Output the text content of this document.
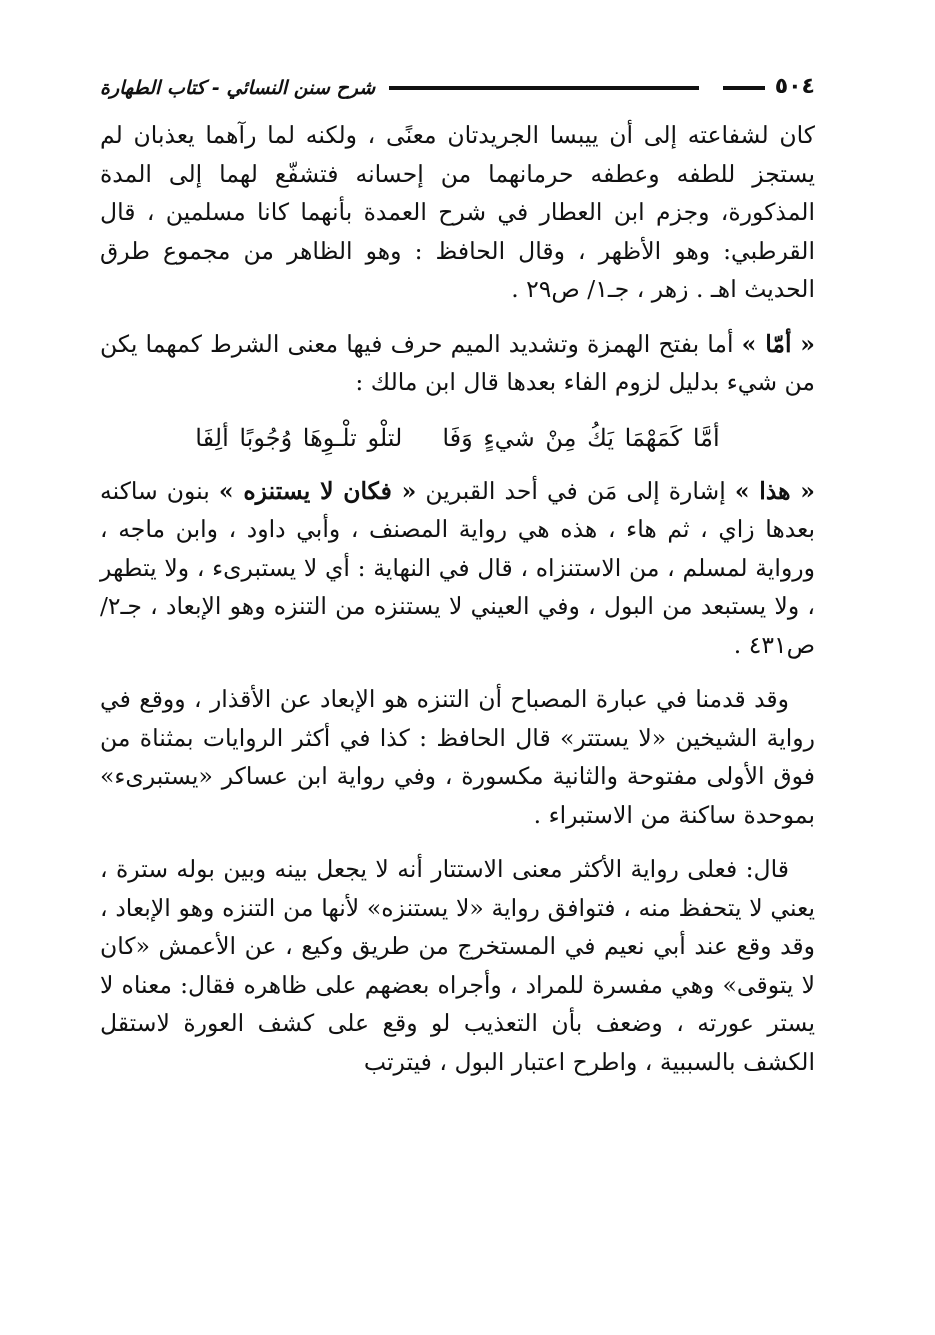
٥٠٤
شرح سنن النسائي - كتاب الطهارة

كان لشفاعته إلى أن ييبسا الجريدتان معنًى ، ولكنه لما رآهما يعذبان لم يستجز للطفه وعطفه حرمانهما من إحسانه فتشفّع لهما إلى المدة المذكورة، وجزم ابن العطار في شرح العمدة بأنهما كانا مسلمين ، قال القرطبي: وهو الأظهر ، وقال الحافظ : وهو الظاهر من مجموع طرق الحديث اهـ . زهر ، جـ١/ ص٢٩ .

« أمّا » أما بفتح الهمزة وتشديد الميم حرف فيها معنى الشرط كمهما يكن من شيء بدليل لزوم الفاء بعدها قال ابن مالك :

أمَّا كَمَهْمَا يَكُ مِنْ شيءٍ وَفَالتلْو تلْـوِهَا وُجُوبًا ألِفَا

« هذا » إشارة إلى مَن في أحد القبرين « فكان لا يستنزه » بنون ساكنه بعدها زاي ، ثم هاء ، هذه هي رواية المصنف ، وأبي داود ، وابن ماجه ، ورواية لمسلم ، من الاستنزاه ، قال في النهاية : أي لا يستبرىء ، ولا يتطهر ، ولا يستبعد من البول ، وفي العيني لا يستنزه من التنزه وهو الإبعاد ، جـ٢/ ص٤٣١ .

وقد قدمنا في عبارة المصباح أن التنزه هو الإبعاد عن الأقذار ، ووقع في رواية الشيخين «لا يستتر» قال الحافظ : كذا في أكثر الروايات بمثناة من فوق الأولى مفتوحة والثانية مكسورة ، وفي رواية ابن عساكر «يستبرىء» بموحدة ساكنة من الاستبراء .

قال: فعلى رواية الأكثر معنى الاستتار أنه لا يجعل بينه وبين بوله سترة ، يعني لا يتحفظ منه ، فتوافق رواية «لا يستنزه» لأنها من التنزه وهو الإبعاد ، وقد وقع عند أبي نعيم في المستخرج من طريق وكيع ، عن الأعمش «كان لا يتوقى» وهي مفسرة للمراد ، وأجراه بعضهم على ظاهره فقال: معناه لا يستر عورته ، وضعف بأن التعذيب لو وقع على كشف العورة لاستقل الكشف بالسببية ، واطرح اعتبار البول ، فيترتب
